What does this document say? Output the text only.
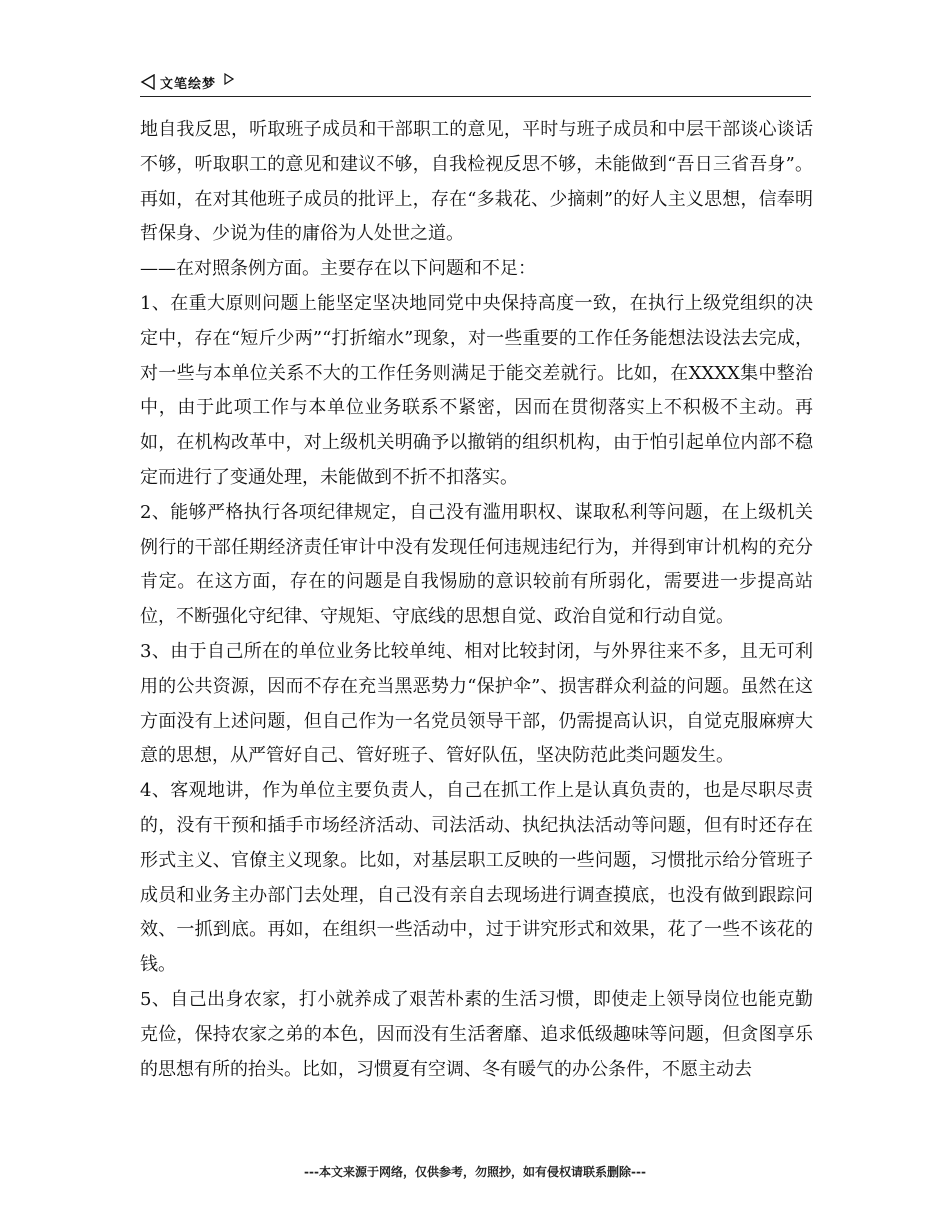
文笔绘梦

地自我反思，听取班子成员和干部职工的意见，平时与班子成员和中层干部谈心谈话不够，听取职工的意见和建议不够，自我检视反思不够，未能做到“吾日三省吾身”。再如，在对其他班子成员的批评上，存在“多栽花、少摘刺”的好人主义思想，信奉明哲保身、少说为佳的庸俗为人处世之道。

——在对照条例方面。主要存在以下问题和不足：

1、在重大原则问题上能坚定坚决地同党中央保持高度一致，在执行上级党组织的决定中，存在“短斤少两”“打折缩水”现象，对一些重要的工作任务能想法设法去完成，对一些与本单位关系不大的工作任务则满足于能交差就行。比如，在XXXX集中整治中，由于此项工作与本单位业务联系不紧密，因而在贯彻落实上不积极不主动。再如，在机构改革中，对上级机关明确予以撤销的组织机构，由于怕引起单位内部不稳定而进行了变通处理，未能做到不折不扣落实。

2、能够严格执行各项纪律规定，自己没有滥用职权、谋取私利等问题，在上级机关例行的干部任期经济责任审计中没有发现任何违规违纪行为，并得到审计机构的充分肯定。在这方面，存在的问题是自我惕励的意识较前有所弱化，需要进一步提高站位，不断强化守纪律、守规矩、守底线的思想自觉、政治自觉和行动自觉。

3、由于自己所在的单位业务比较单纯、相对比较封闭，与外界往来不多，且无可利用的公共资源，因而不存在充当黑恶势力“保护伞”、损害群众利益的问题。虽然在这方面没有上述问题，但自己作为一名党员领导干部，仍需提高认识，自觉克服麻痹大意的思想，从严管好自己、管好班子、管好队伍，坚决防范此类问题发生。

4、客观地讲，作为单位主要负责人，自己在抓工作上是认真负责的，也是尽职尽责的，没有干预和插手市场经济活动、司法活动、执纪执法活动等问题，但有时还存在形式主义、官僚主义现象。比如，对基层职工反映的一些问题，习惯批示给分管班子成员和业务主办部门去处理，自己没有亲自去现场进行调查摸底，也没有做到跟踪问效、一抓到底。再如，在组织一些活动中，过于讲究形式和效果，花了一些不该花的钱。

5、自己出身农家，打小就养成了艰苦朴素的生活习惯，即使走上领导岗位也能克勤克俭，保持农家之弟的本色，因而没有生活奢靡、追求低级趣味等问题，但贪图享乐的思想有所的抬头。比如，习惯夏有空调、冬有暖气的办公条件，不愿主动去

---本文来源于网络，仅供参考，勿照抄，如有侵权请联系删除---
